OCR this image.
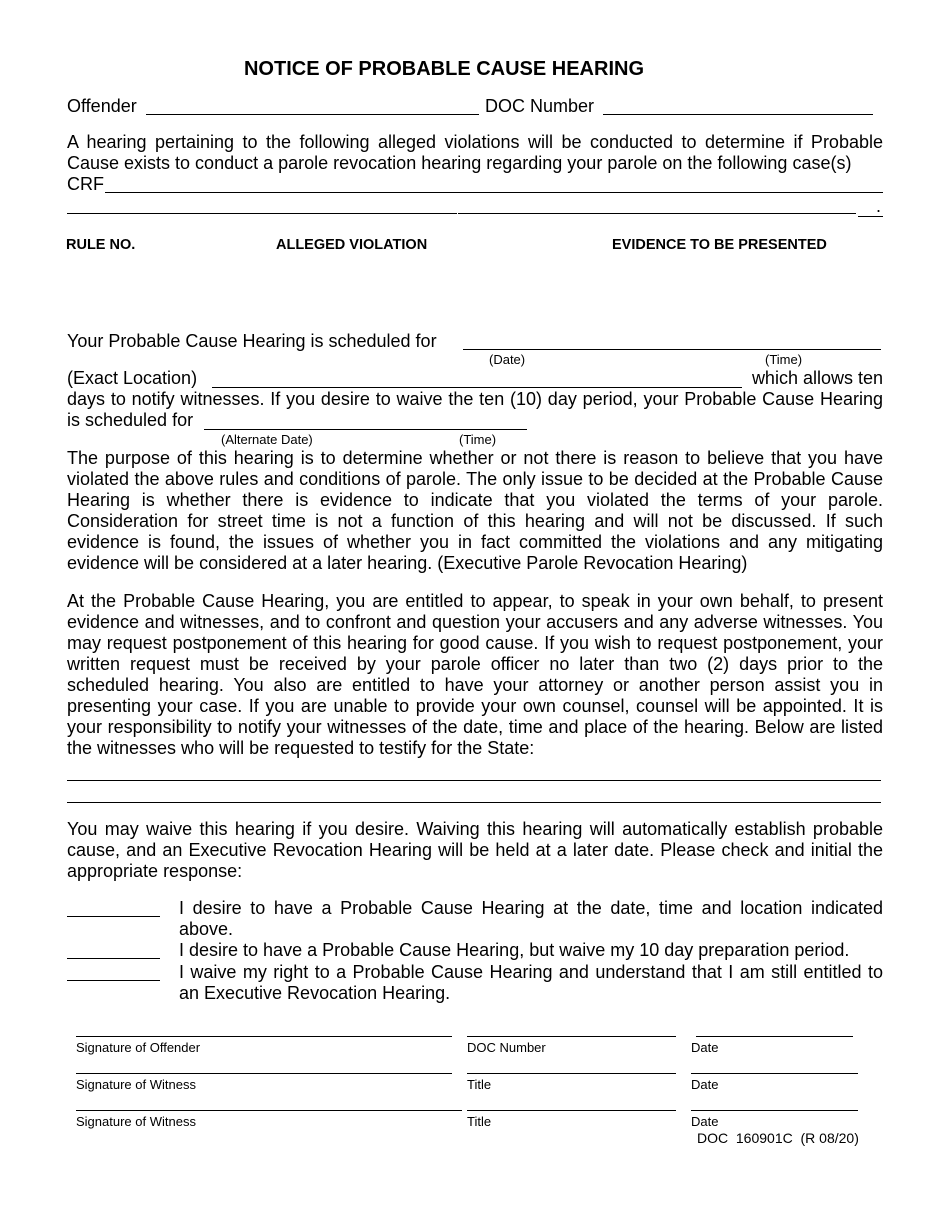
NOTICE OF PROBABLE CAUSE HEARING
Offender	DOC Number
A hearing pertaining to the following alleged violations will be conducted to determine if Probable Cause exists to conduct a parole revocation hearing regarding your parole on the following case(s)
CRF
.
RULE NO.	ALLEGED VIOLATION	EVIDENCE TO BE PRESENTED
Your Probable Cause Hearing is scheduled for
(Date)	(Time)
(Exact Location)	which allows ten
days to notify witnesses. If you desire to waive the ten (10) day period, your Probable Cause Hearing
is scheduled for
(Alternate Date)	(Time)
The purpose of this hearing is to determine whether or not there is reason to believe that you have violated the above rules and conditions of parole. The only issue to be decided at the Probable Cause Hearing is whether there is evidence to indicate that you violated the terms of your parole. Consideration for street time is not a function of this hearing and will not be discussed. If such evidence is found, the issues of whether you in fact committed the violations and any mitigating evidence will be considered at a later hearing. (Executive Parole Revocation Hearing)
At the Probable Cause Hearing, you are entitled to appear, to speak in your own behalf, to present evidence and witnesses, and to confront and question your accusers and any adverse witnesses. You may request postponement of this hearing for good cause. If you wish to request postponement, your written request must be received by your parole officer no later than two (2) days prior to the scheduled hearing. You also are entitled to have your attorney or another person assist you in presenting your case. If you are unable to provide your own counsel, counsel will be appointed. It is your responsibility to notify your witnesses of the date, time and place of the hearing. Below are listed the witnesses who will be requested to testify for the State:
You may waive this hearing if you desire. Waiving this hearing will automatically establish probable cause, and an Executive Revocation Hearing will be held at a later date. Please check and initial the appropriate response:
I desire to have a Probable Cause Hearing at the date, time and location indicated above.
I desire to have a Probable Cause Hearing, but waive my 10 day preparation period.
I waive my right to a Probable Cause Hearing and understand that I am still entitled to an Executive Revocation Hearing.
Signature of Offender	DOC Number	Date
Signature of Witness	Title	Date
Signature of Witness	Title	Date
DOC  160901C  (R 08/20)
